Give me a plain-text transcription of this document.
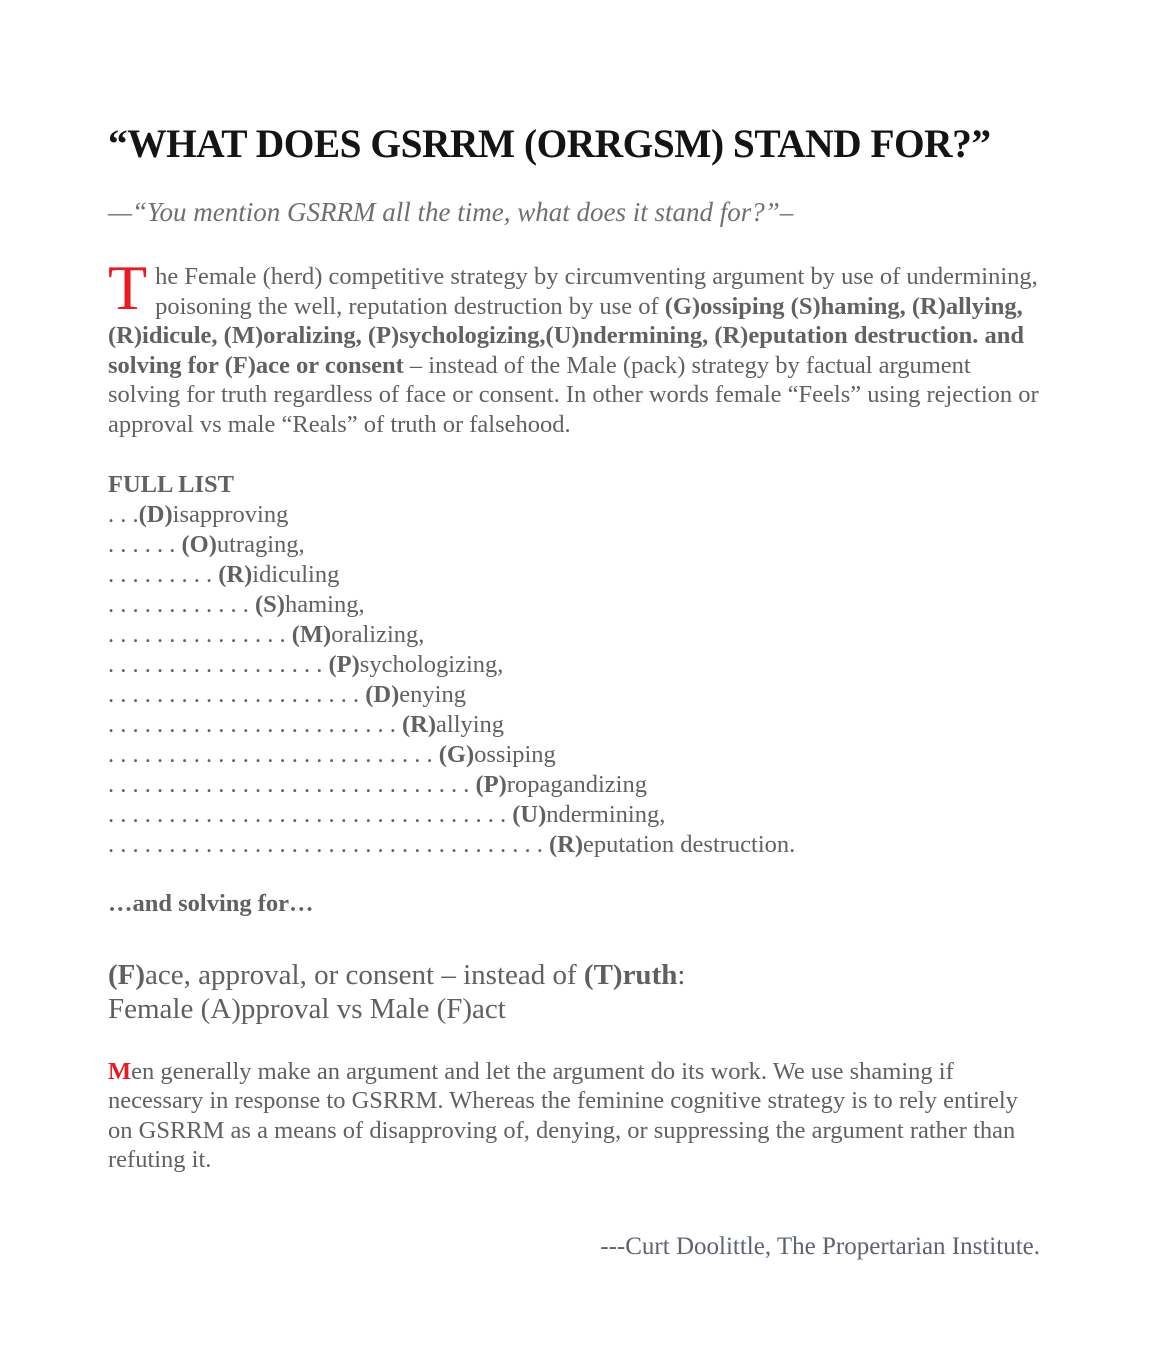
“WHAT DOES GSRRM (ORRGSM) STAND FOR?”

—“You mention GSRRM all the time, what does it stand for?”–

The Female (herd) competitive strategy by circumventing argument by use of undermining, poisoning the well, reputation destruction by use of (G)ossiping (S)haming, (R)allying, (R)idicule, (M)oralizing, (P)sychologizing,(U)ndermining, (R)eputation destruction. and solving for (F)ace or consent – instead of the Male (pack) strategy by factual argument solving for truth regardless of face or consent. In other words female “Feels” using rejection or approval vs male “Reals” of truth or falsehood.

FULL LIST
. . .(D)isapproving
. . . . . . (O)utraging,
. . . . . . . . . (R)idiculing
. . . . . . . . . . . . (S)haming,
. . . . . . . . . . . . . . . (M)oralizing,
. . . . . . . . . . . . . . . . . . (P)sychologizing,
. . . . . . . . . . . . . . . . . . . . . (D)enying
. . . . . . . . . . . . . . . . . . . . . . . . (R)allying
. . . . . . . . . . . . . . . . . . . . . . . . . . . (G)ossiping
. . . . . . . . . . . . . . . . . . . . . . . . . . . . . . (P)ropagandizing
. . . . . . . . . . . . . . . . . . . . . . . . . . . . . . . . . (U)ndermining,
. . . . . . . . . . . . . . . . . . . . . . . . . . . . . . . . . . . . (R)eputation destruction.

…and solving for…

(F)ace, approval, or consent – instead of (T)ruth:
Female (A)pproval vs Male (F)act

Men generally make an argument and let the argument do its work. We use shaming if necessary in response to GSRRM. Whereas the feminine cognitive strategy is to rely entirely on GSRRM as a means of disapproving of, denying, or suppressing the argument rather than refuting it.

---Curt Doolittle, The Propertarian Institute.
